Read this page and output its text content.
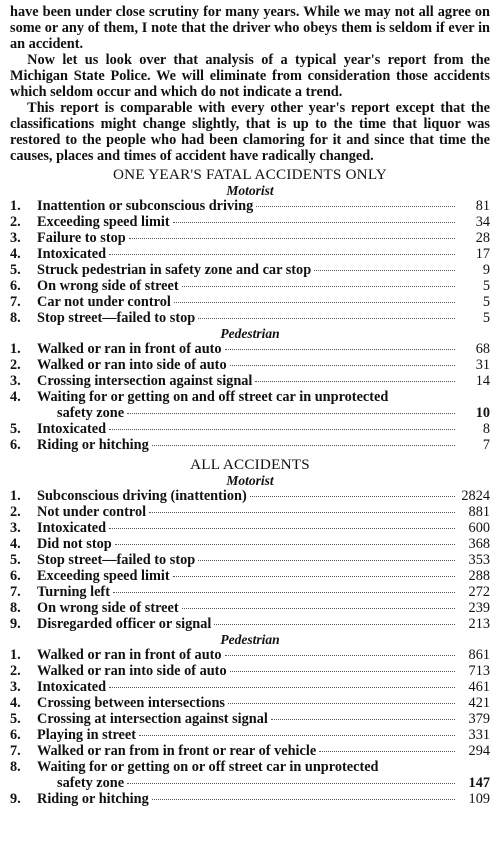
have been under close scrutiny for many years. While we may not all agree on some or any of them, I note that the driver who obeys them is seldom if ever in an accident.

Now let us look over that analysis of a typical year's report from the Michigan State Police. We will eliminate from consideration those accidents which seldom occur and which do not indicate a trend.

This report is comparable with every other year's report except that the classifications might change slightly, that is up to the time that liquor was restored to the people who had been clamoring for it and since that time the causes, places and times of accident have radically changed.

ONE YEAR'S FATAL ACCIDENTS ONLY
Motorist
1.	Inattention or subconscious driving	81
2.	Exceeding speed limit	34
3.	Failure to stop	28
4.	Intoxicated	17
5.	Struck pedestrian in safety zone and car stop	9
6.	On wrong side of street	5
7.	Car not under control	5
8.	Stop street—failed to stop	5
Pedestrian
1.	Walked or ran in front of auto	68
2.	Walked or ran into side of auto	31
3.	Crossing intersection against signal	14
4.	Waiting for or getting on and off street car in unprotected
safety zone	10
5.	Intoxicated	8
6.	Riding or hitching	7
ALL ACCIDENTS
Motorist
1.	Subconscious driving (inattention)	2824
2.	Not under control	881
3.	Intoxicated	600
4.	Did not stop	368
5.	Stop street—failed to stop	353
6.	Exceeding speed limit	288
7.	Turning left	272
8.	On wrong side of street	239
9.	Disregarded officer or signal	213
Pedestrian
1.	Walked or ran in front of auto	861
2.	Walked or ran into side of auto	713
3.	Intoxicated	461
4.	Crossing between intersections	421
5.	Crossing at intersection against signal	379
6.	Playing in street	331
7.	Walked or ran from in front or rear of vehicle	294
8.	Waiting for or getting on or off street car in unprotected
safety zone	147
9.	Riding or hitching	109
